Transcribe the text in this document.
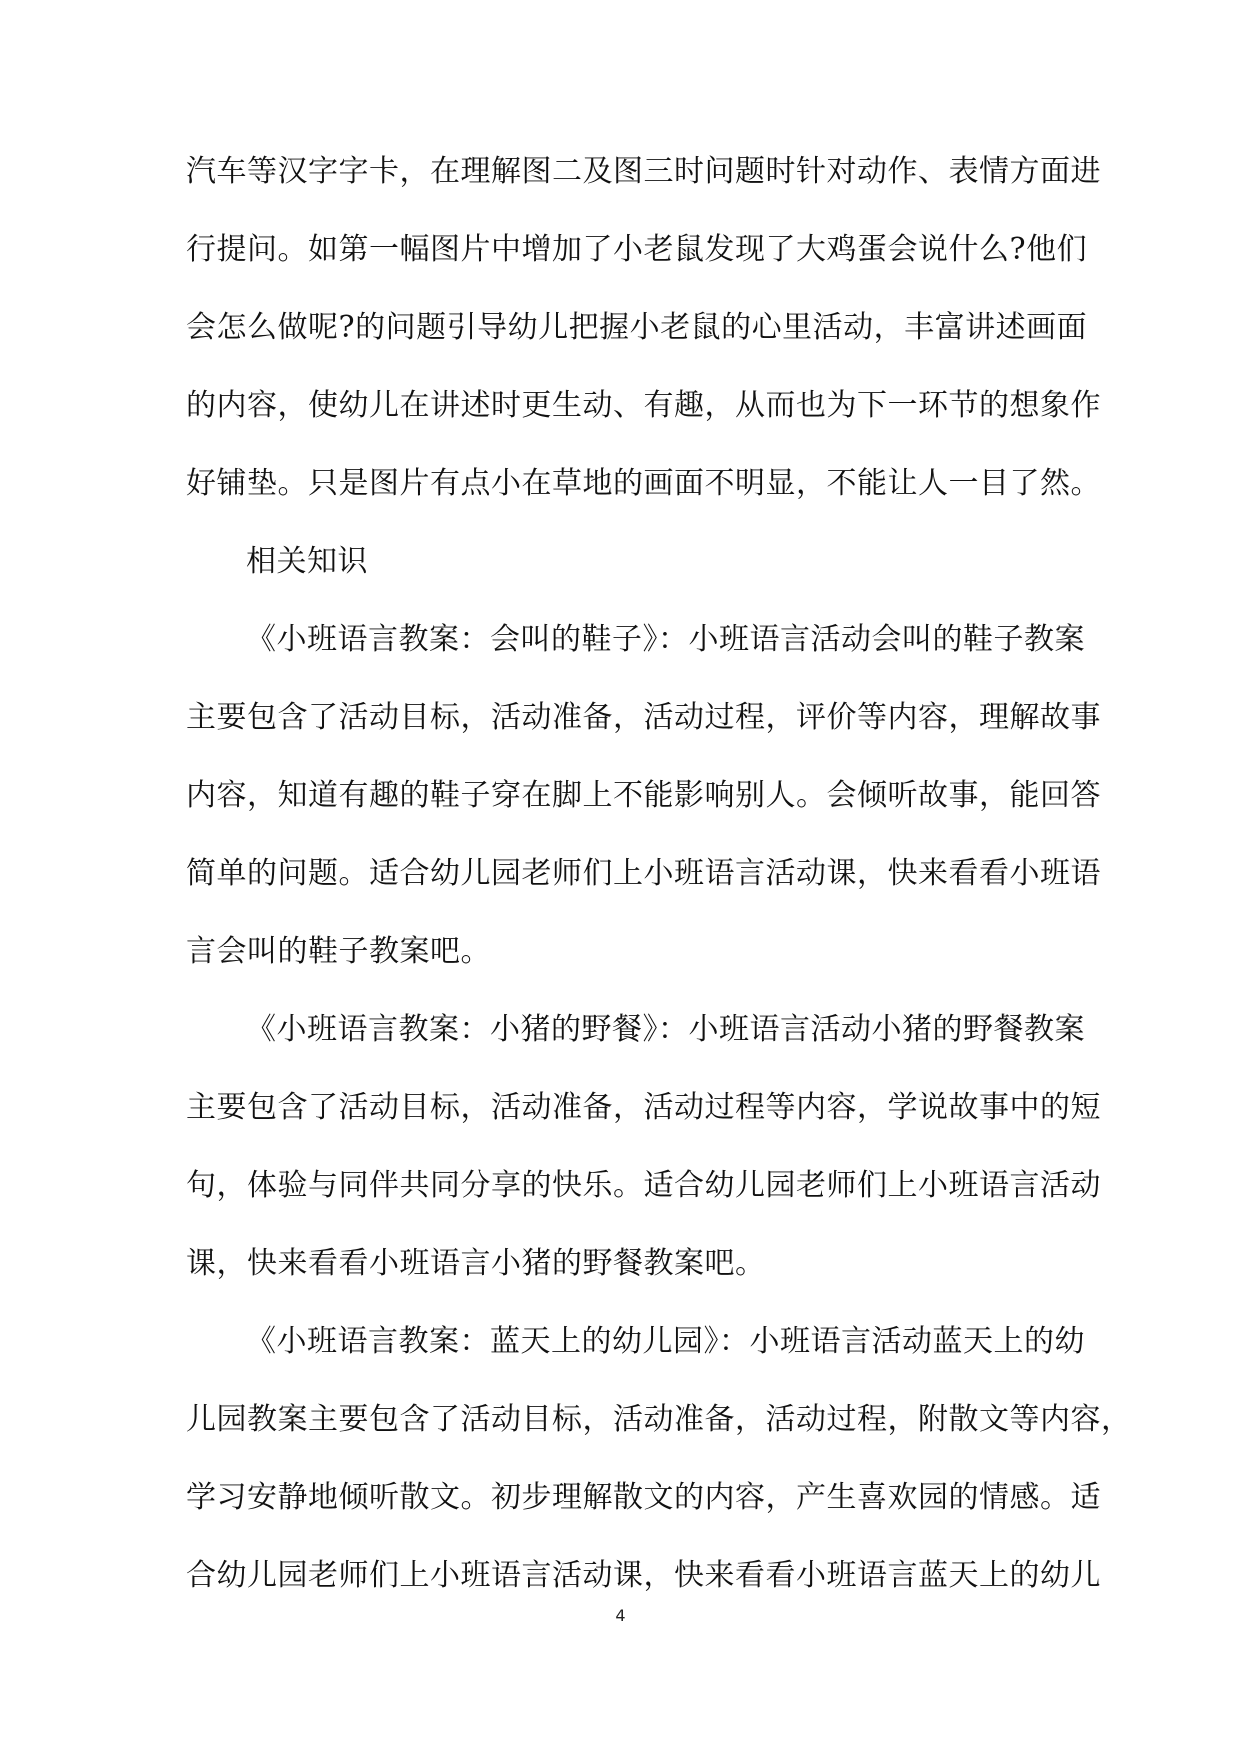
汽车等汉字字卡，在理解图二及图三时问题时针对动作、表情方面进
行提问。如第一幅图片中增加了小老鼠发现了大鸡蛋会说什么?他们
会怎么做呢?的问题引导幼儿把握小老鼠的心里活动，丰富讲述画面
的内容，使幼儿在讲述时更生动、有趣，从而也为下一环节的想象作
好铺垫。只是图片有点小在草地的画面不明显，不能让人一目了然。
相关知识
《小班语言教案：会叫的鞋子》：小班语言活动会叫的鞋子教案
主要包含了活动目标，活动准备，活动过程，评价等内容，理解故事
内容，知道有趣的鞋子穿在脚上不能影响别人。会倾听故事，能回答
简单的问题。适合幼儿园老师们上小班语言活动课，快来看看小班语
言会叫的鞋子教案吧。
《小班语言教案：小猪的野餐》：小班语言活动小猪的野餐教案
主要包含了活动目标，活动准备，活动过程等内容，学说故事中的短
句，体验与同伴共同分享的快乐。适合幼儿园老师们上小班语言活动
课，快来看看小班语言小猪的野餐教案吧。
《小班语言教案：蓝天上的幼儿园》：小班语言活动蓝天上的幼
儿园教案主要包含了活动目标，活动准备，活动过程，附散文等内容，
学习安静地倾听散文。初步理解散文的内容，产生喜欢园的情感。适
合幼儿园老师们上小班语言活动课，快来看看小班语言蓝天上的幼儿
4
